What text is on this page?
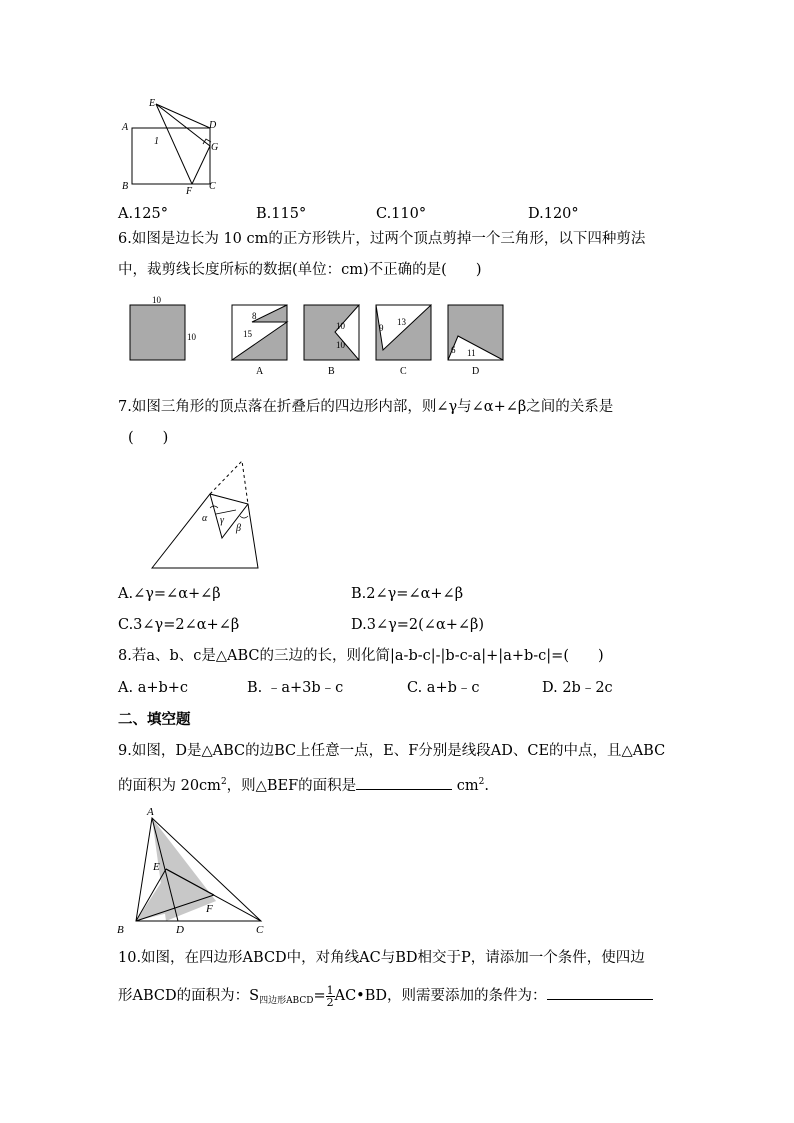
E
A	D
G
1
B	F C
A.125°	B.115°	C.110°	D.120°
6.如图是边长为 10 cm的正方形铁片，过两个顶点剪掉一个三角形，以下四种剪法
中，裁剪线长度所标的数据(单位：cm)不正确的是(　　)
10
10
8
15
A
10
10
B
9
13
C
6 11
D
7.如图三角形的顶点落在折叠后的四边形内部，则∠γ与∠α+∠β之间的关系是
(　　)
α γ
β
A.∠γ=∠α+∠β	B.2∠γ=∠α+∠β
C.3∠γ=2∠α+∠β	D.3∠γ=2(∠α+∠β)
8.若a、b、c是△ABC的三边的长，则化简|a-b-c|-|b-c-a|+|a+b-c|=(　　)
A. a+b+c	B. ﹣a+3b﹣c	C. a+b﹣c	D. 2b﹣2c
二、填空题
9.如图，D是△ABC的边BC上任意一点，E、F分别是线段AD、CE的中点，且△ABC
的面积为 $20cm^2$，则△BEF的面积是	$cm^2$.
A
E
F
B	D	C
10.如图，在四边形ABCD中，对角线AC与BD相交于P，请添加一个条件，使四边
形ABCD的面积为：$S_{四边形ABCD}= \frac{1}{2}$ AC•BD，则需要添加的条件为：
